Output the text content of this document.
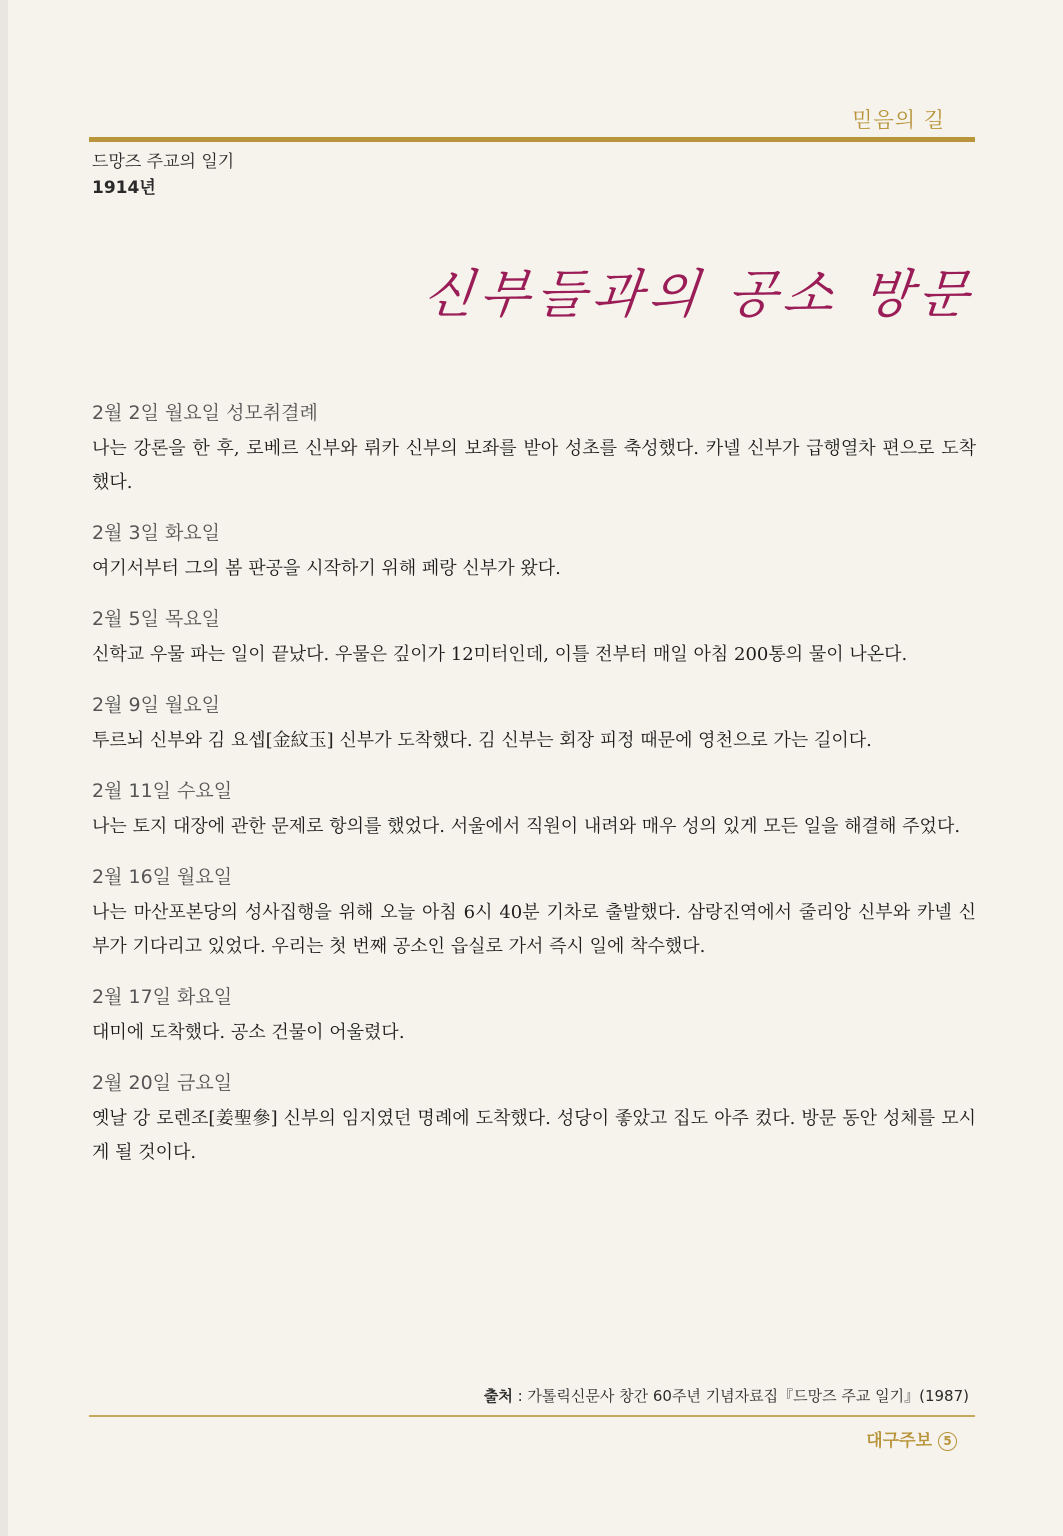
믿음의 길
드망즈 주교의 일기
1914년
신부들과의 공소 방문
2월 2일 월요일 성모취결례
나는 강론을 한 후, 로베르 신부와 뤼카 신부의 보좌를 받아 성초를 축성했다. 카넬 신부가 급행열차 편으로 도착했다.
2월 3일 화요일
여기서부터 그의 봄 판공을 시작하기 위해 페랑 신부가 왔다.
2월 5일 목요일
신학교 우물 파는 일이 끝났다. 우물은 깊이가 12미터인데, 이틀 전부터 매일 아침 200통의 물이 나온다.
2월 9일 월요일
투르뇌 신부와 김 요셉[金紋玉] 신부가 도착했다. 김 신부는 회장 피정 때문에 영천으로 가는 길이다.
2월 11일 수요일
나는 토지 대장에 관한 문제로 항의를 했었다. 서울에서 직원이 내려와 매우 성의 있게 모든 일을 해결해 주었다.
2월 16일 월요일
나는 마산포본당의 성사집행을 위해 오늘 아침 6시 40분 기차로 출발했다. 삼랑진역에서 줄리앙 신부와 카넬 신부가 기다리고 있었다. 우리는 첫 번째 공소인 읍실로 가서 즉시 일에 착수했다.
2월 17일 화요일
대미에 도착했다. 공소 건물이 어울렸다.
2월 20일 금요일
옛날 강 로렌조[姜聖參] 신부의 임지였던 명례에 도착했다. 성당이 좋았고 집도 아주 컸다. 방문 동안 성체를 모시게 될 것이다.
출처 : 가톨릭신문사 창간 60주년 기념자료집『드망즈 주교 일기』(1987)
대구주보 5
